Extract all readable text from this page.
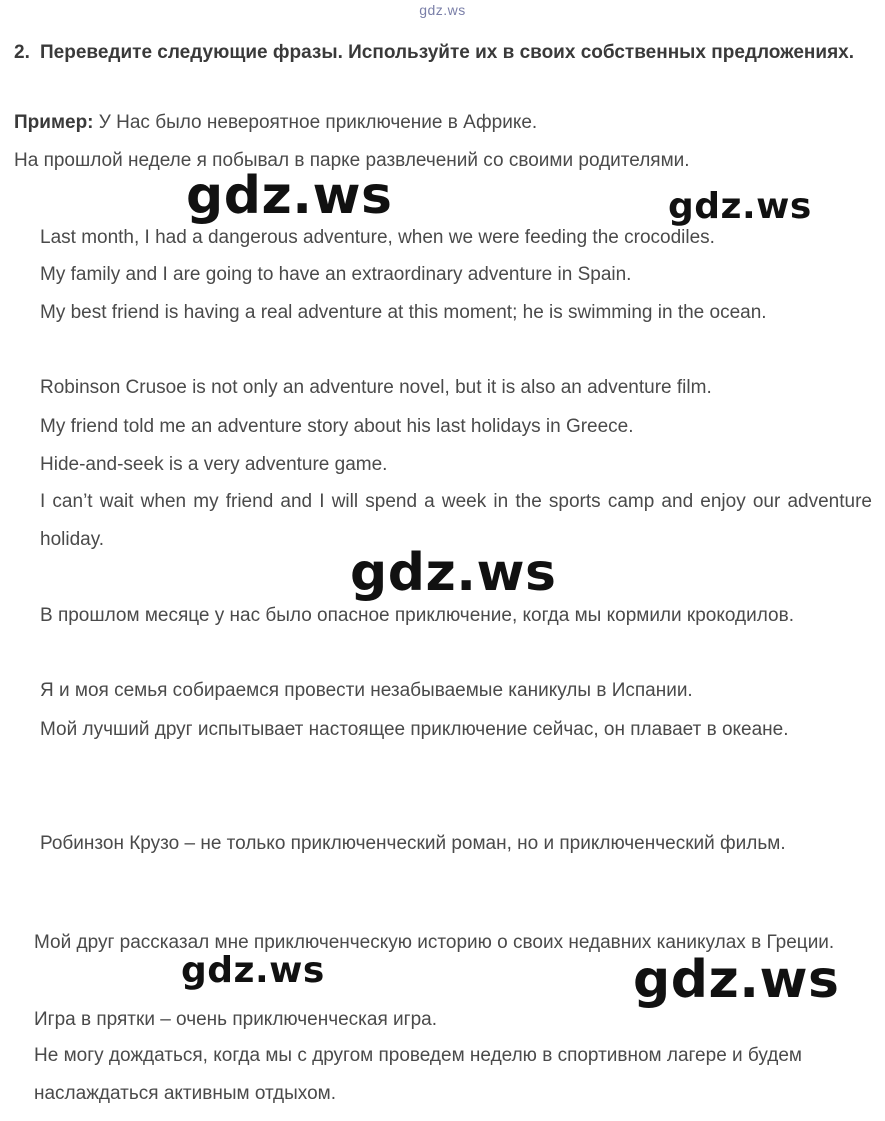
gdz.ws
2. Переведите следующие фразы. Используйте их в своих собственных предложениях.
Пример: У Нас было невероятное приключение в Африке.
На прошлой неделе я побывал в парке развлечений со своими родителями.
Last month, I had a dangerous adventure, when we were feeding the crocodiles.
My family and I are going to have an extraordinary adventure in Spain.
My best friend is having a real adventure at this moment; he is swimming in the ocean.
Robinson Crusoe is not only an adventure novel, but it is also an adventure film.
My friend told me an adventure story about his last holidays in Greece.
Hide-and-seek is a very adventure game.
I can’t wait when my friend and I will spend a week in the sports camp and enjoy our adventure holiday.
В прошлом месяце у нас было опасное приключение, когда мы кормили крокодилов.
Я и моя семья собираемся провести незабываемые каникулы в Испании.
Мой лучший друг испытывает настоящее приключение сейчас, он плавает в океане.
Робинзон Крузо – не только приключенческий роман, но и приключенческий фильм.
Мой друг рассказал мне приключенческую историю о своих недавних каникулах в Греции.
Игра в прятки – очень приключенческая игра.
Не могу дождаться, когда мы с другом проведем неделю в спортивном лагере и будем наслаждаться активным отдыхом.
gdz.ws	gdz.ws
gdz.ws
gdz.ws	gdz.ws
